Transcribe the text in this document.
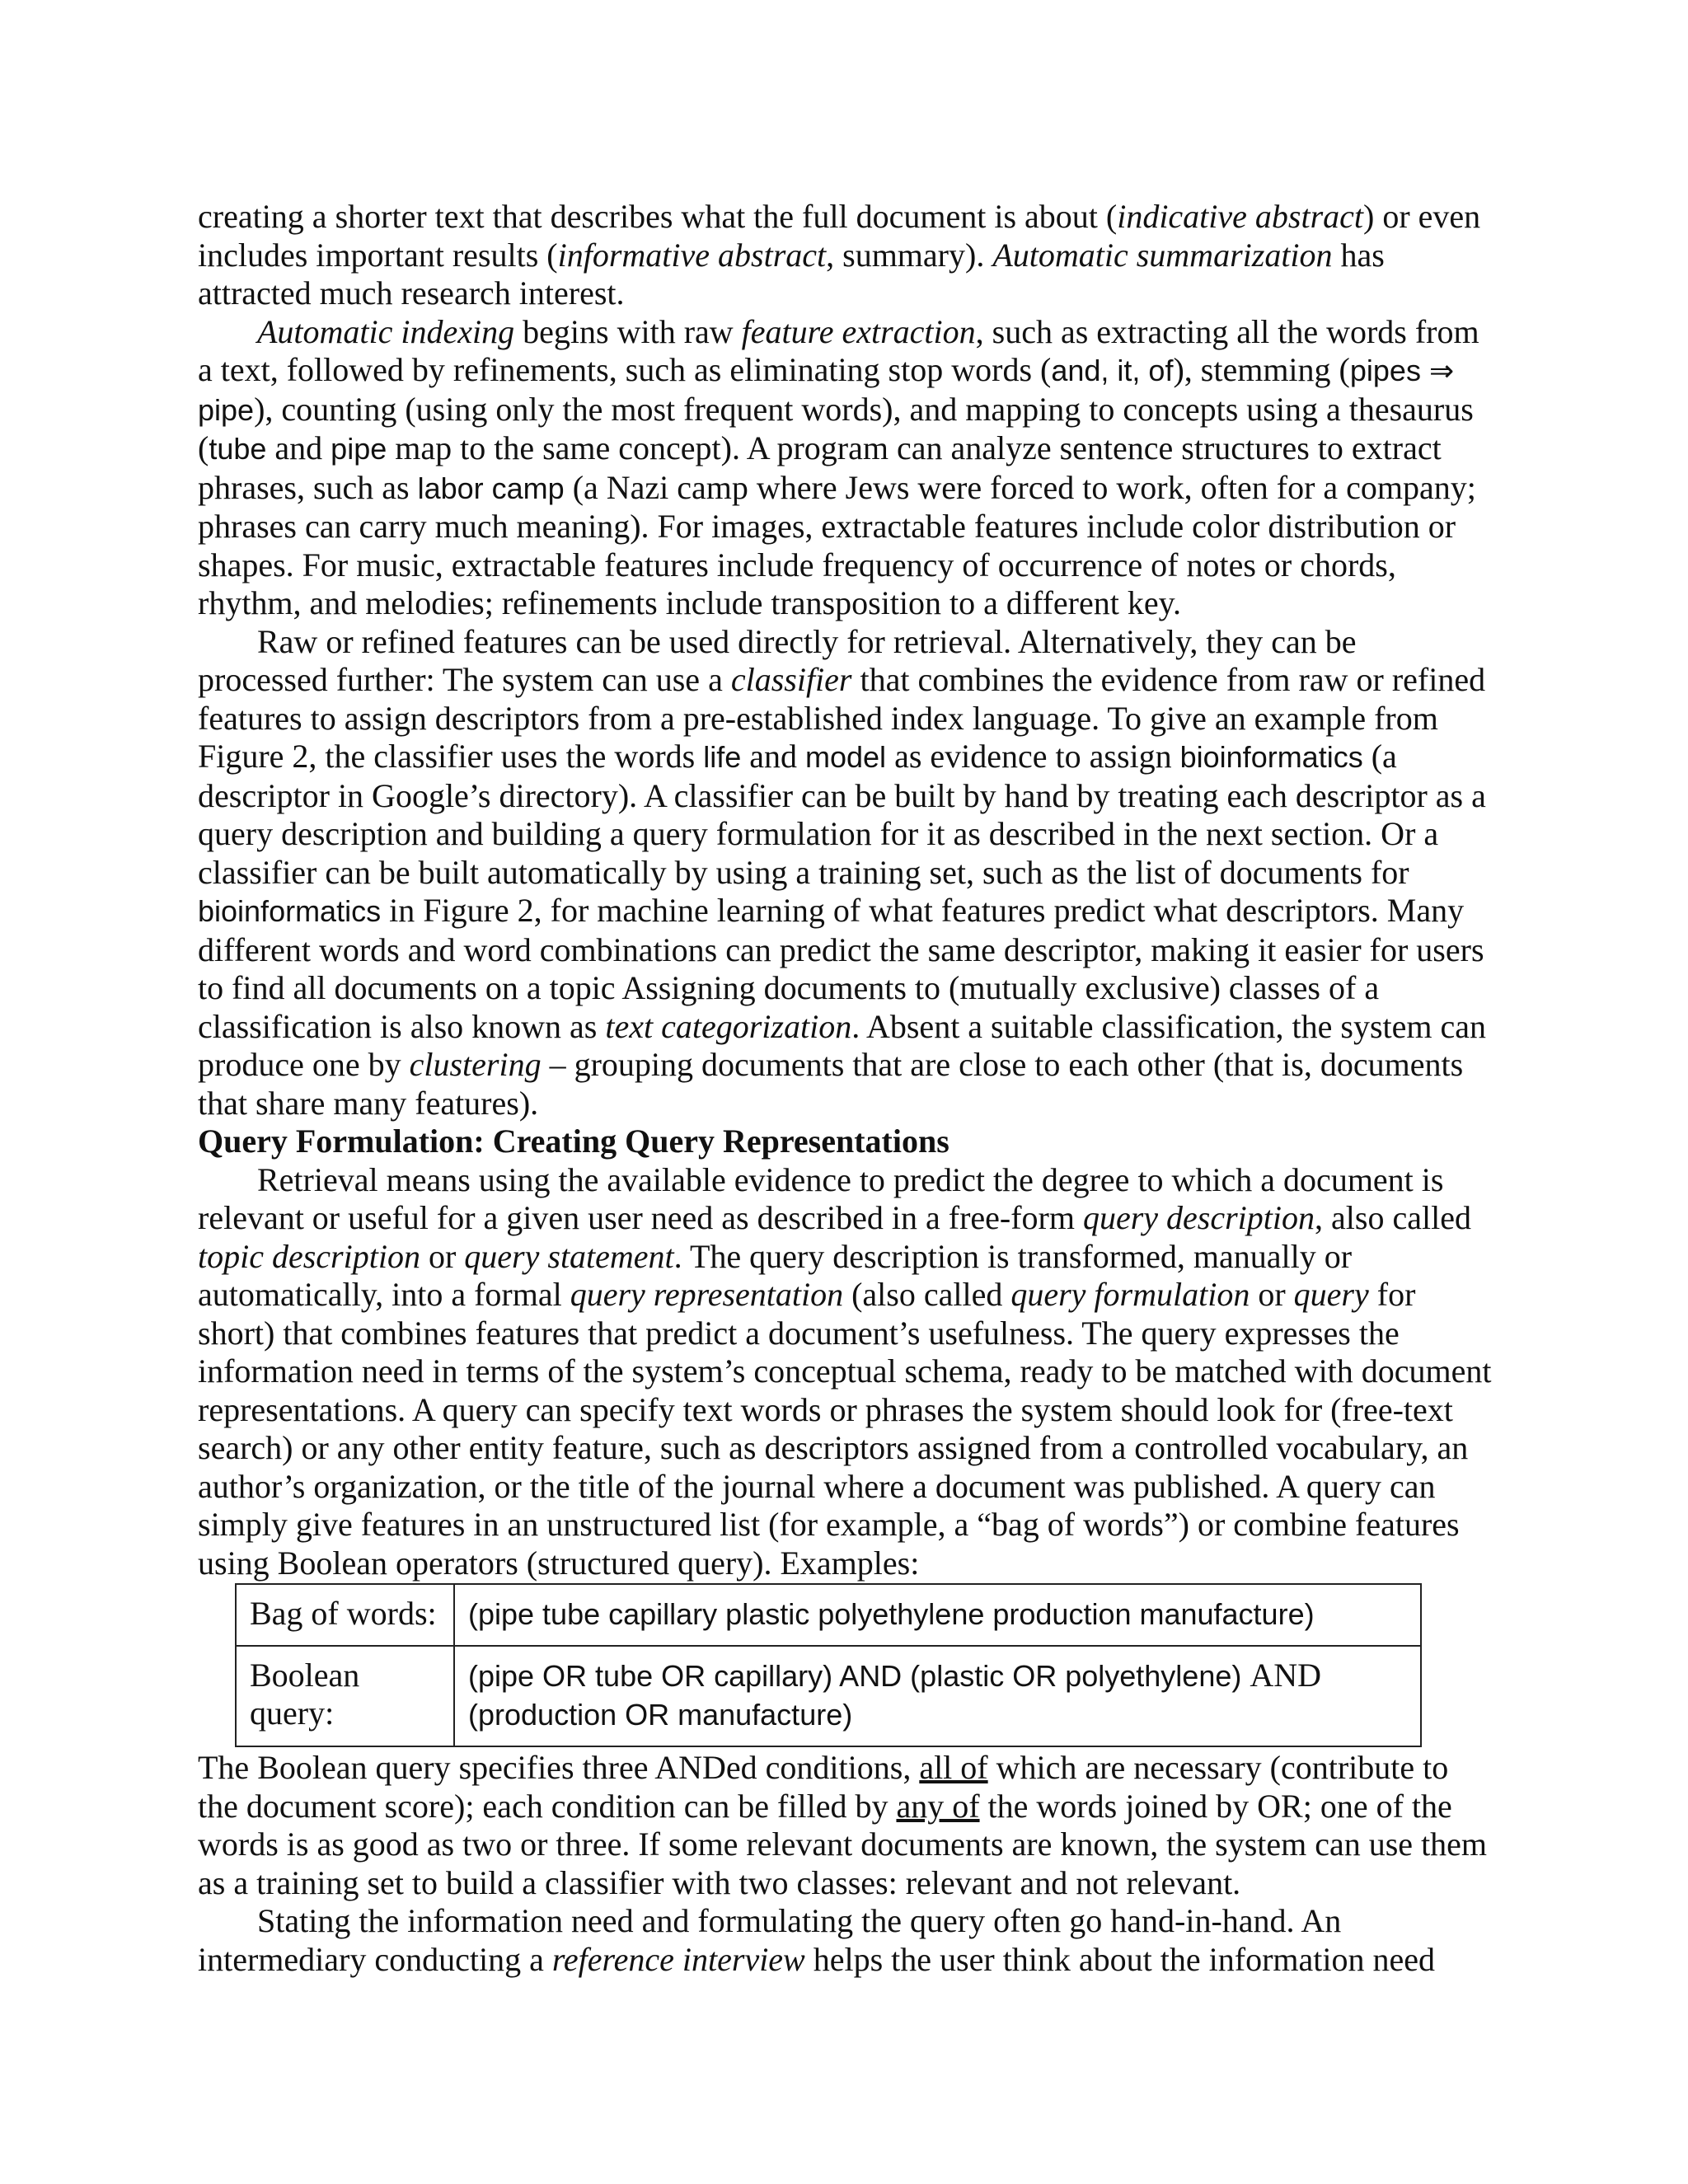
creating a shorter text that describes what the full document is about (indicative abstract) or even includes important results (informative abstract, summary). Automatic summarization has attracted much research interest.

Automatic indexing begins with raw feature extraction, such as extracting all the words from a text, followed by refinements, such as eliminating stop words (and, it, of), stemming (pipes ⇒ pipe), counting (using only the most frequent words), and mapping to concepts using a thesaurus (tube and pipe map to the same concept). A program can analyze sentence structures to extract phrases, such as labor camp (a Nazi camp where Jews were forced to work, often for a company; phrases can carry much meaning). For images, extractable features include color distribution or shapes. For music, extractable features include frequency of occurrence of notes or chords, rhythm, and melodies; refinements include transposition to a different key.

Raw or refined features can be used directly for retrieval. Alternatively, they can be processed further: The system can use a classifier that combines the evidence from raw or refined features to assign descriptors from a pre-established index language. To give an example from Figure 2, the classifier uses the words life and model as evidence to assign bioinformatics (a descriptor in Google’s directory). A classifier can be built by hand by treating each descriptor as a query description and building a query formulation for it as described in the next section. Or a classifier can be built automatically by using a training set, such as the list of documents for bioinformatics in Figure 2, for machine learning of what features predict what descriptors. Many different words and word combinations can predict the same descriptor, making it easier for users to find all documents on a topic Assigning documents to (mutually exclusive) classes of a classification is also known as text categorization. Absent a suitable classification, the system can produce one by clustering – grouping documents that are close to each other (that is, documents that share many features).

Query Formulation: Creating Query Representations

Retrieval means using the available evidence to predict the degree to which a document is relevant or useful for a given user need as described in a free-form query description, also called topic description or query statement. The query description is transformed, manually or automatically, into a formal query representation (also called query formulation or query for short) that combines features that predict a document’s usefulness. The query expresses the information need in terms of the system’s conceptual schema, ready to be matched with document representations. A query can specify text words or phrases the system should look for (free-text search) or any other entity feature, such as descriptors assigned from a controlled vocabulary, an author’s organization, or the title of the journal where a document was published. A query can simply give features in an unstructured list (for example, a “bag of words”) or combine features using Boolean operators (structured query). Examples:

Bag of words:	(pipe tube capillary plastic polyethylene production manufacture)
Boolean query:	(pipe OR tube OR capillary) AND (plastic OR polyethylene) AND (production OR manufacture)

The Boolean query specifies three ANDed conditions, all of which are necessary (contribute to the document score); each condition can be filled by any of the words joined by OR; one of the words is as good as two or three. If some relevant documents are known, the system can use them as a training set to build a classifier with two classes: relevant and not relevant.

Stating the information need and formulating the query often go hand-in-hand. An intermediary conducting a reference interview helps the user think about the information need
